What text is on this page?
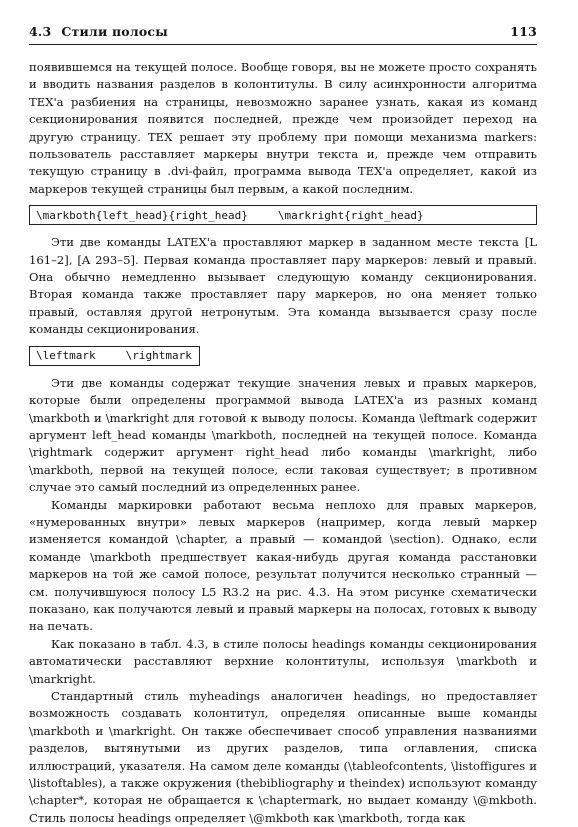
4.3 Стили полосы	113

появившемся на текущей полосе. Вообще говоря, вы не можете просто сохранять и вводить названия разделов в колонтитулы. В силу асинхронности алгоритма TEX'а разбиения на страницы, невозможно заранее узнать, какая из команд секционирования появится последней, прежде чем произойдет переход на другую страницу. TEX решает эту проблему при помощи механизма markers: пользователь расставляет маркеры внутри текста и, прежде чем отправить текущую страницу в .dvi-файл, программа вывода TEX'а определяет, какой из маркеров текущей страницы был первым, а какой последним.

\markboth{left_head}{right_head}	\markright{right_head}

Эти две команды LATEX'а проставляют маркер в заданном месте текста [L 161–2], [A 293–5]. Первая команда проставляет пару маркеров: левый и правый. Она обычно немедленно вызывает следующую команду секционирования. Вторая команда также проставляет пару маркеров, но она меняет только правый, оставляя другой нетронутым. Эта команда вызывается сразу после команды секционирования.

\leftmark	\rightmark

Эти две команды содержат текущие значения левых и правых маркеров, которые были определены программой вывода LATEX'а из разных команд \markboth и \markright для готовой к выводу полосы. Команда \leftmark содержит аргумент left_head команды \markboth, последней на текущей полосе. Команда \rightmark содержит аргумент right_head либо команды \markright, либо \markboth, первой на текущей полосе, если таковая существует; в противном случае это самый последний из определенных ранее.

Команды маркировки работают весьма неплохо для правых маркеров, «нумерованных внутри» левых маркеров (например, когда левый маркер изменяется командой \chapter, а правый — командой \section). Однако, если команде \markboth предшествует какая-нибудь другая команда расстановки маркеров на той же самой полосе, результат получится несколько странный — см. получившуюся полосу L5 R3.2 на рис. 4.3. На этом рисунке схематически показано, как получаются левый и правый маркеры на полосах, готовых к выводу на печать.

Как показано в табл. 4.3, в стиле полосы headings команды секционирования автоматически расставляют верхние колонтитулы, используя \markboth и \markright.

Стандартный стиль myheadings аналогичен headings, но предоставляет возможность создавать колонтитул, определяя описанные выше команды \markboth и \markright. Он также обеспечивает способ управления названиями разделов, вытянутыми из других разделов, типа оглавления, списка иллюстраций, указателя. На самом деле команды (\tableofcontents, \listoffigures и \listoftables), а также окружения (thebibliography и theindex) используют команду \chapter*, которая не обращается к \chaptermark, но выдает команду \@mkboth. Стиль полосы headings определяет \@mkboth как \markboth, тогда как
